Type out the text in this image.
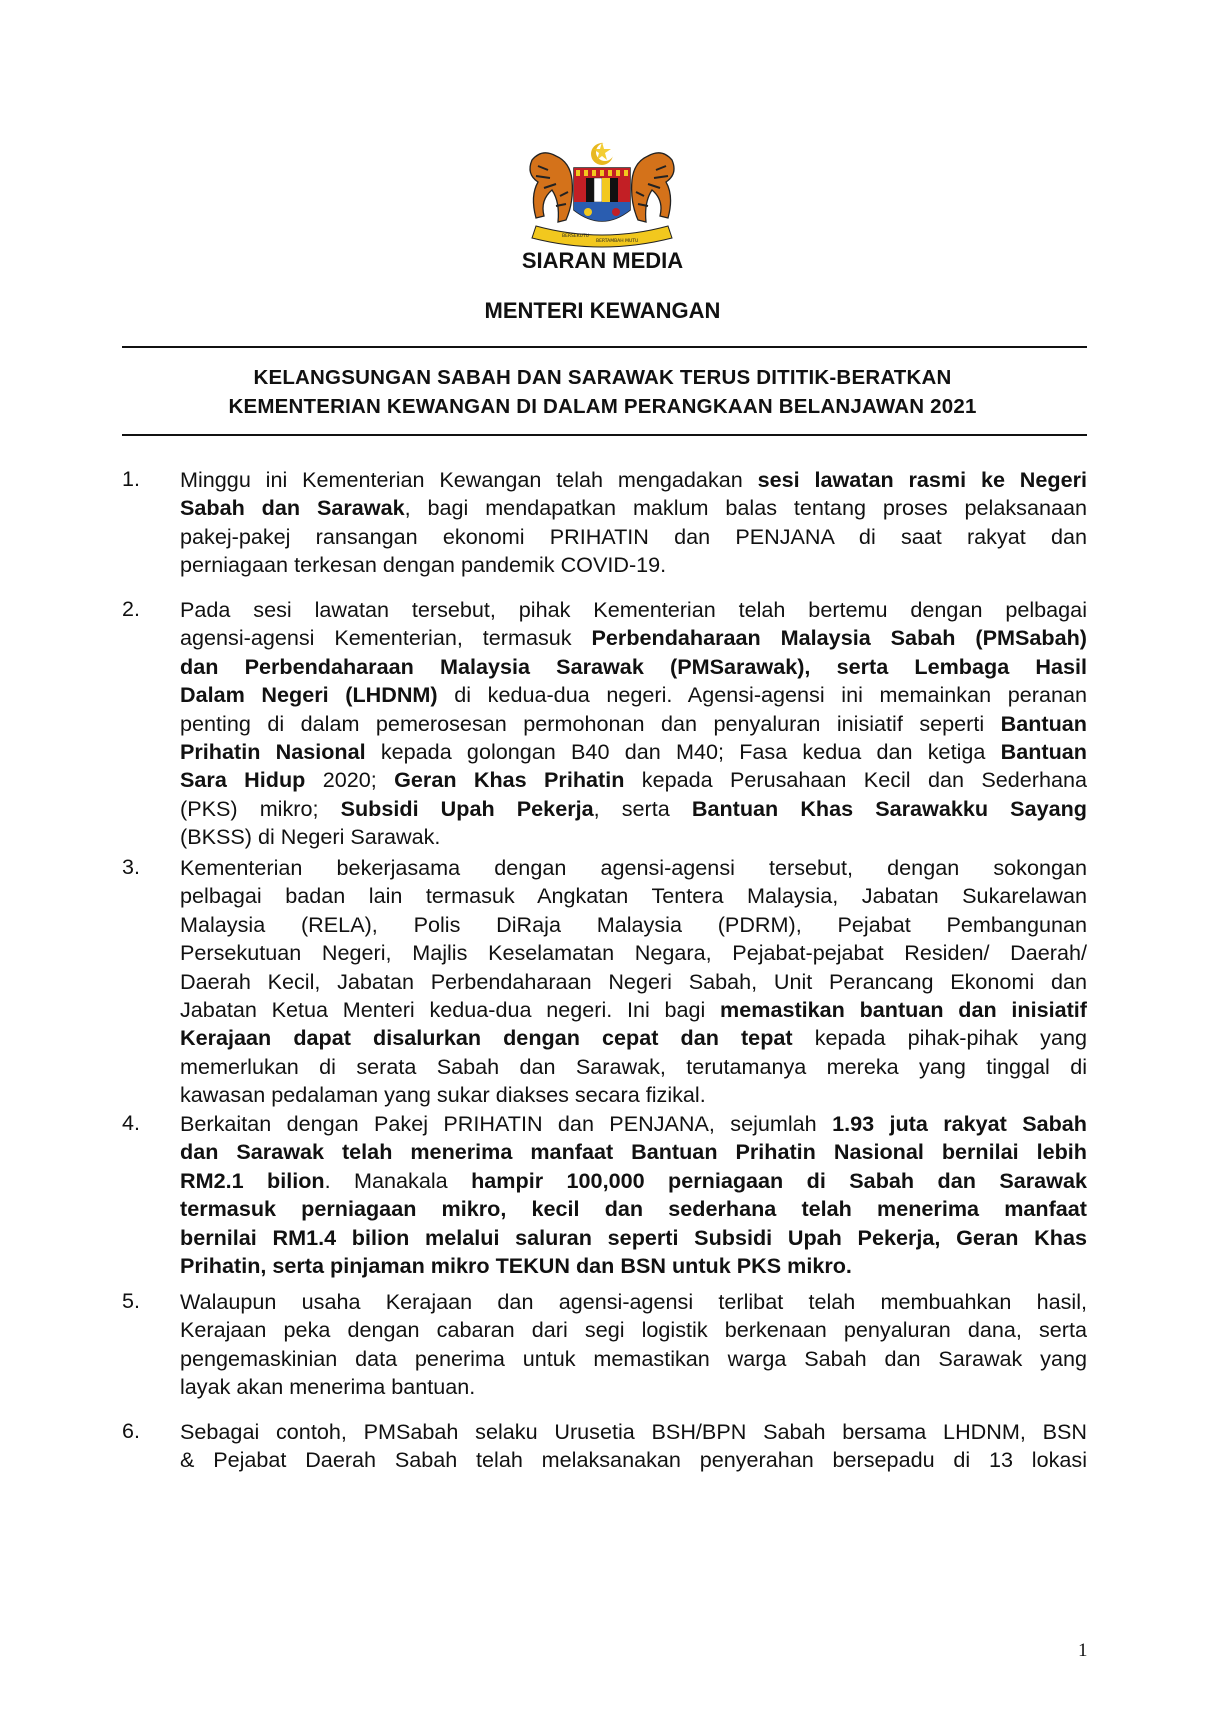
BERSEKUTU
BERTAMBAH MUTU
SIARAN MEDIA
MENTERI KEWANGAN
KELANGSUNGAN SABAH DAN SARAWAK TERUS DITITIK-BERATKAN
KEMENTERIAN KEWANGAN DI DALAM PERANGKAAN BELANJAWAN 2021
1. Minggu ini Kementerian Kewangan telah mengadakan sesi lawatan rasmi ke Negeri
Sabah dan Sarawak, bagi mendapatkan maklum balas tentang proses pelaksanaan
pakej-pakej ransangan ekonomi PRIHATIN dan PENJANA di saat rakyat dan
perniagaan terkesan dengan pandemik COVID-19.
2. Pada sesi lawatan tersebut, pihak Kementerian telah bertemu dengan pelbagai
agensi-agensi Kementerian, termasuk Perbendaharaan Malaysia Sabah (PMSabah)
dan Perbendaharaan Malaysia Sarawak (PMSarawak), serta Lembaga Hasil
Dalam Negeri (LHDNM) di kedua-dua negeri. Agensi-agensi ini memainkan peranan
penting di dalam pemerosesan permohonan dan penyaluran inisiatif seperti Bantuan
Prihatin Nasional kepada golongan B40 dan M40; Fasa kedua dan ketiga Bantuan
Sara Hidup 2020; Geran Khas Prihatin kepada Perusahaan Kecil dan Sederhana
(PKS) mikro; Subsidi Upah Pekerja, serta Bantuan Khas Sarawakku Sayang
(BKSS) di Negeri Sarawak.
3. Kementerian bekerjasama dengan agensi-agensi tersebut, dengan sokongan
pelbagai badan lain termasuk Angkatan Tentera Malaysia, Jabatan Sukarelawan
Malaysia (RELA), Polis DiRaja Malaysia (PDRM), Pejabat Pembangunan
Persekutuan Negeri, Majlis Keselamatan Negara, Pejabat-pejabat Residen/ Daerah/
Daerah Kecil, Jabatan Perbendaharaan Negeri Sabah, Unit Perancang Ekonomi dan
Jabatan Ketua Menteri kedua-dua negeri. Ini bagi memastikan bantuan dan inisiatif
Kerajaan dapat disalurkan dengan cepat dan tepat kepada pihak-pihak yang
memerlukan di serata Sabah dan Sarawak, terutamanya mereka yang tinggal di
kawasan pedalaman yang sukar diakses secara fizikal.
4. Berkaitan dengan Pakej PRIHATIN dan PENJANA, sejumlah 1.93 juta rakyat Sabah
dan Sarawak telah menerima manfaat Bantuan Prihatin Nasional bernilai lebih
RM2.1 bilion. Manakala hampir 100,000 perniagaan di Sabah dan Sarawak
termasuk perniagaan mikro, kecil dan sederhana telah menerima manfaat
bernilai RM1.4 bilion melalui saluran seperti Subsidi Upah Pekerja, Geran Khas
Prihatin, serta pinjaman mikro TEKUN dan BSN untuk PKS mikro.
5. Walaupun usaha Kerajaan dan agensi-agensi terlibat telah membuahkan hasil,
Kerajaan peka dengan cabaran dari segi logistik berkenaan penyaluran dana, serta
pengemaskinian data penerima untuk memastikan warga Sabah dan Sarawak yang
layak akan menerima bantuan.
6. Sebagai contoh, PMSabah selaku Urusetia BSH/BPN Sabah bersama LHDNM, BSN
& Pejabat Daerah Sabah telah melaksanakan penyerahan bersepadu di 13 lokasi
1
